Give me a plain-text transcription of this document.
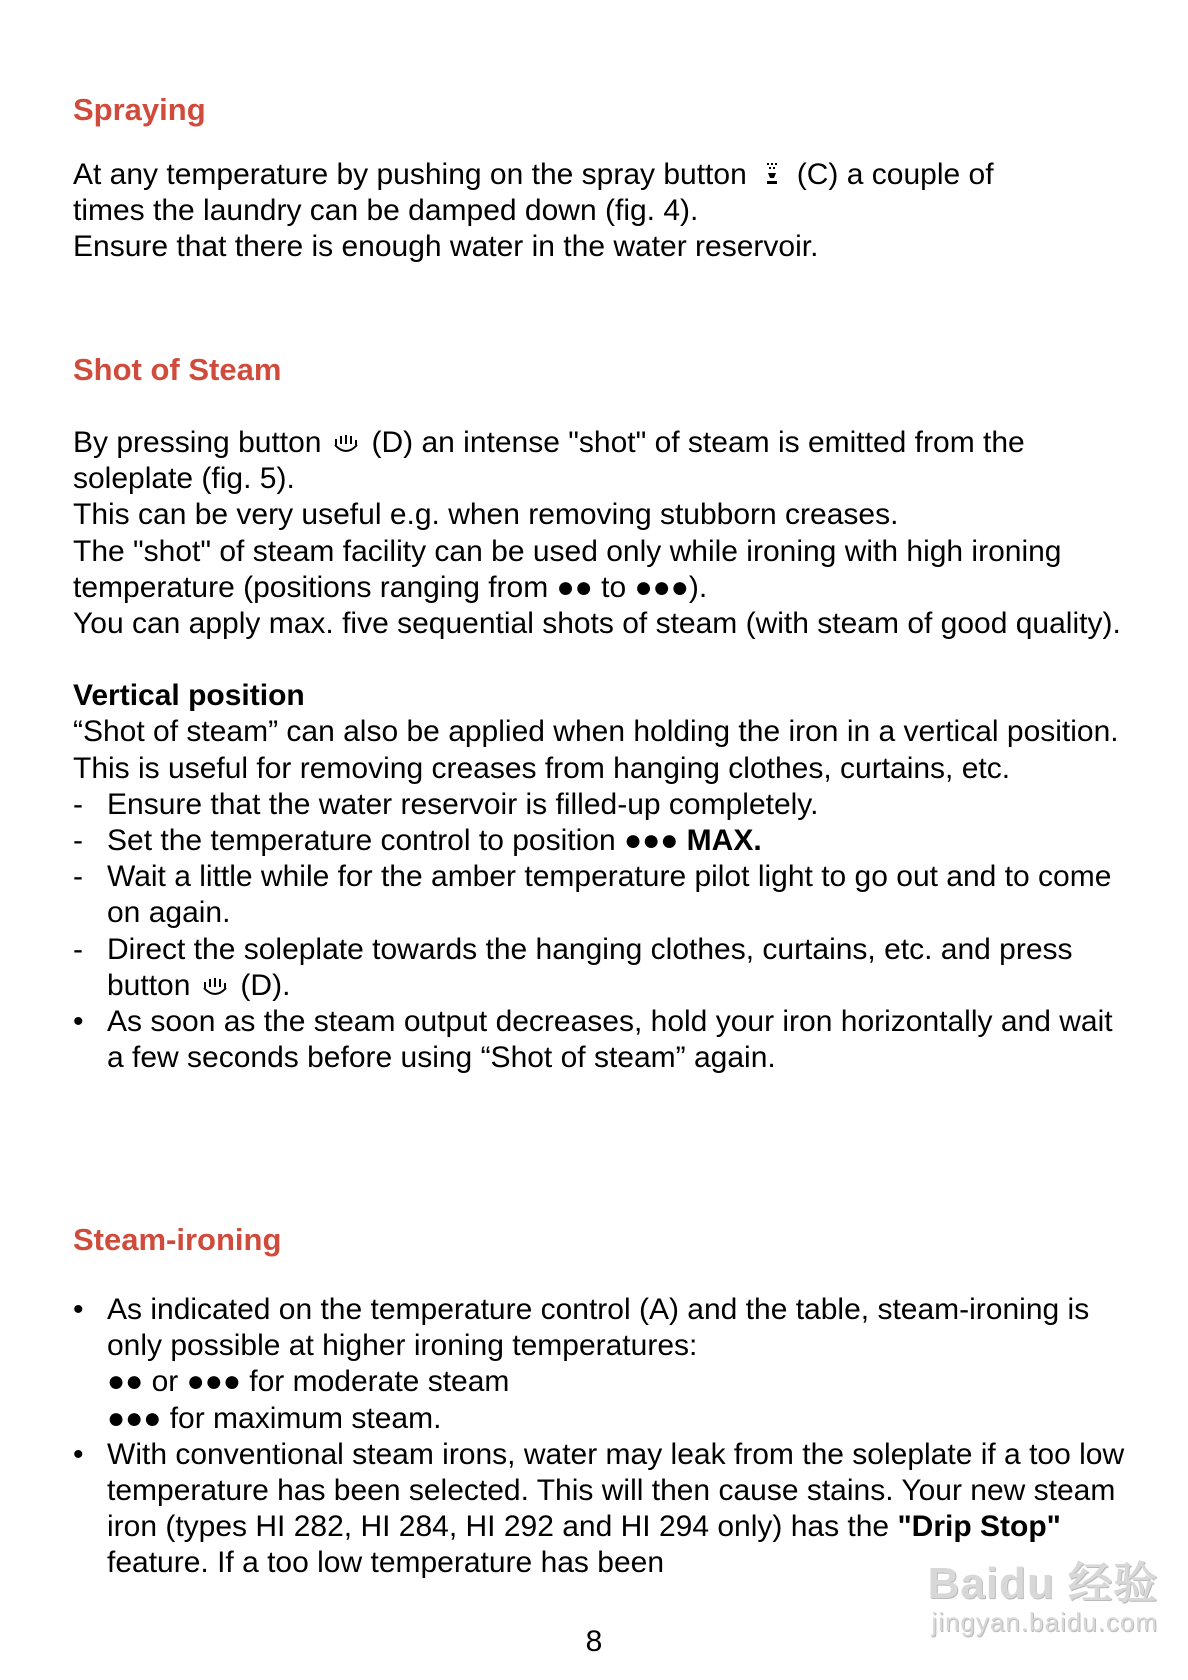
Spraying
At any temperature by pushing on the spray button (C) a couple of
times the laundry can be damped down (fig. 4).
Ensure that there is enough water in the water reservoir.
Shot of Steam

By pressing button (D) an intense "shot" of steam is emitted from the soleplate (fig. 5).

This can be very useful e.g. when removing stubborn creases.

The "shot" of steam facility can be used only while ironing with high ironing temperature (positions ranging from ●● to ●●●).

You can apply max. five sequential shots of steam (with steam of good quality).

Vertical position

“Shot of steam” can also be applied when holding the iron in a vertical position. This is useful for removing creases from hanging clothes, curtains, etc.

- Ensure that the water reservoir is filled-up completely.
- Set the temperature control to position ●●● MAX.
- Wait a little while for the amber temperature pilot light to go out and to come on again.
- Direct the soleplate towards the hanging clothes, curtains, etc. and press button (D).
• As soon as the steam output decreases, hold your iron horizontally and wait a few seconds before using “Shot of steam” again.
Steam-ironing
• As indicated on the temperature control (A) and the table, steam-ironing is only possible at higher ironing temperatures:
●● or ●●● for moderate steam
●●● for maximum steam.
• With conventional steam irons, water may leak from the soleplate if a too low temperature has been selected. This will then cause stains. Your new steam iron (types HI 282, HI 284, HI 292 and HI 294 only) has the "Drip Stop" feature. If a too low temperature has been
8
Baidu 经验
jingyan.baidu.com
